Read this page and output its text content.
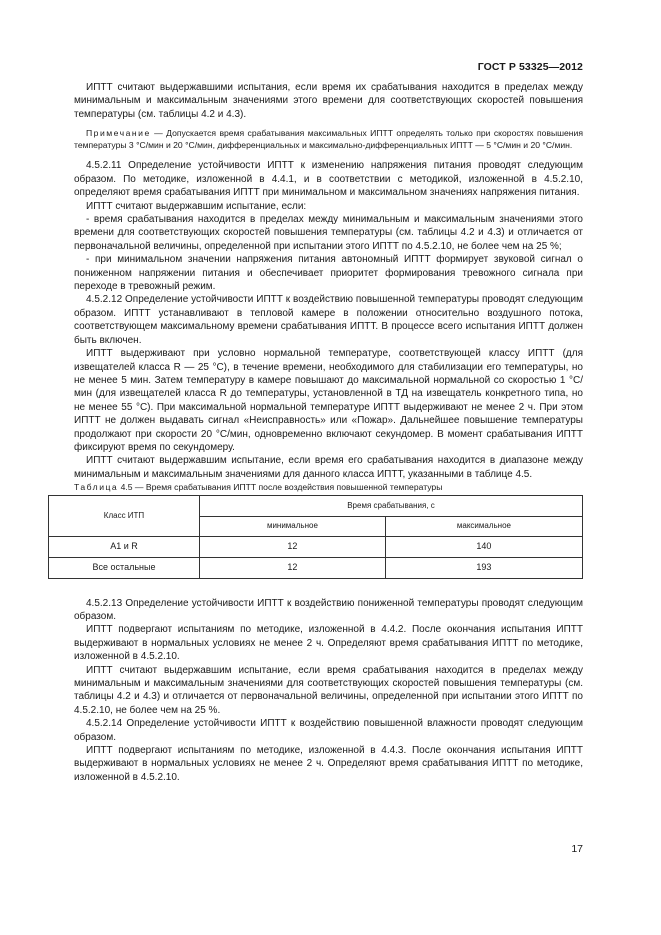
ГОСТ Р 53325—2012

ИПТТ считают выдержавшими испытания, если время их срабатывания находится в пределах между минимальным и максимальным значениями этого времени для соответствующих скоростей повышения температуры (см. таблицы 4.2 и 4.3).

Примечание — Допускается время срабатывания максимальных ИПТТ определять только при скоростях повышения температуры 3 °С/мин и 20 °С/мин, дифференциальных и максимально-дифференциальных ИПТТ — 5 °С/мин и 20 °С/мин.

4.5.2.11 Определение устойчивости ИПТТ к изменению напряжения питания проводят следующим образом. По методике, изложенной в 4.4.1, и в соответствии с методикой, изложенной в 4.5.2.10, определяют время срабатывания ИПТТ при минимальном и максимальном значениях напряжения питания.

ИПТТ считают выдержавшим испытание, если:

- время срабатывания находится в пределах между минимальным и максимальным значениями этого времени для соответствующих скоростей повышения температуры (см. таблицы 4.2 и 4.3) и отличается от первоначальной величины, определенной при испытании этого ИПТТ по 4.5.2.10, не более чем на 25 %;

- при минимальном значении напряжения питания автономный ИПТТ формирует звуковой сигнал о пониженном напряжении питания и обеспечивает приоритет формирования тревожного сигнала при переходе в тревожный режим.

4.5.2.12 Определение устойчивости ИПТТ к воздействию повышенной температуры проводят следующим образом. ИПТТ устанавливают в тепловой камере в положении относительно воздушного потока, соответствующем максимальному времени срабатывания ИПТТ. В процессе всего испытания ИПТТ должен быть включен.

ИПТТ выдерживают при условно нормальной температуре, соответствующей классу ИПТТ (для извещателей класса R — 25 °С), в течение времени, необходимого для стабилизации его температуры, но не менее 5 мин. Затем температуру в камере повышают до максимальной нормальной со скоростью 1 °С/мин (для извещателей класса R до температуры, установленной в ТД на извещатель конкретного типа, но не менее 55 °С). При максимальной нормальной температуре ИПТТ выдерживают не менее 2 ч. При этом ИПТТ не должен выдавать сигнал «Неисправность» или «Пожар». Дальнейшее повышение температуры продолжают при скорости 20 °С/мин, одновременно включают секундомер. В момент срабатывания ИПТТ фиксируют время по секундомеру.

ИПТТ считают выдержавшим испытание, если время его срабатывания находится в диапазоне между минимальным и максимальным значениями для данного класса ИПТТ, указанными в таблице 4.5.

Таблица 4.5 — Время срабатывания ИПТТ после воздействия повышенной температуры

Класс ИТП	Время срабатывания, с	
	минимальное	максимальное
A1 и R	12	140
Все остальные	12	193

4.5.2.13 Определение устойчивости ИПТТ к воздействию пониженной температуры проводят следующим образом.

ИПТТ подвергают испытаниям по методике, изложенной в 4.4.2. После окончания испытания ИПТТ выдерживают в нормальных условиях не менее 2 ч. Определяют время срабатывания ИПТТ по методике, изложенной в 4.5.2.10.

ИПТТ считают выдержавшим испытание, если время срабатывания находится в пределах между минимальным и максимальным значениями для соответствующих скоростей повышения температуры (см. таблицы 4.2 и 4.3) и отличается от первоначальной величины, определенной при испытании этого ИПТТ по 4.5.2.10, не более чем на 25 %.

4.5.2.14 Определение устойчивости ИПТТ к воздействию повышенной влажности проводят следующим образом.

ИПТТ подвергают испытаниям по методике, изложенной в 4.4.3. После окончания испытания ИПТТ выдерживают в нормальных условиях не менее 2 ч. Определяют время срабатывания ИПТТ по методике, изложенной в 4.5.2.10.

17
